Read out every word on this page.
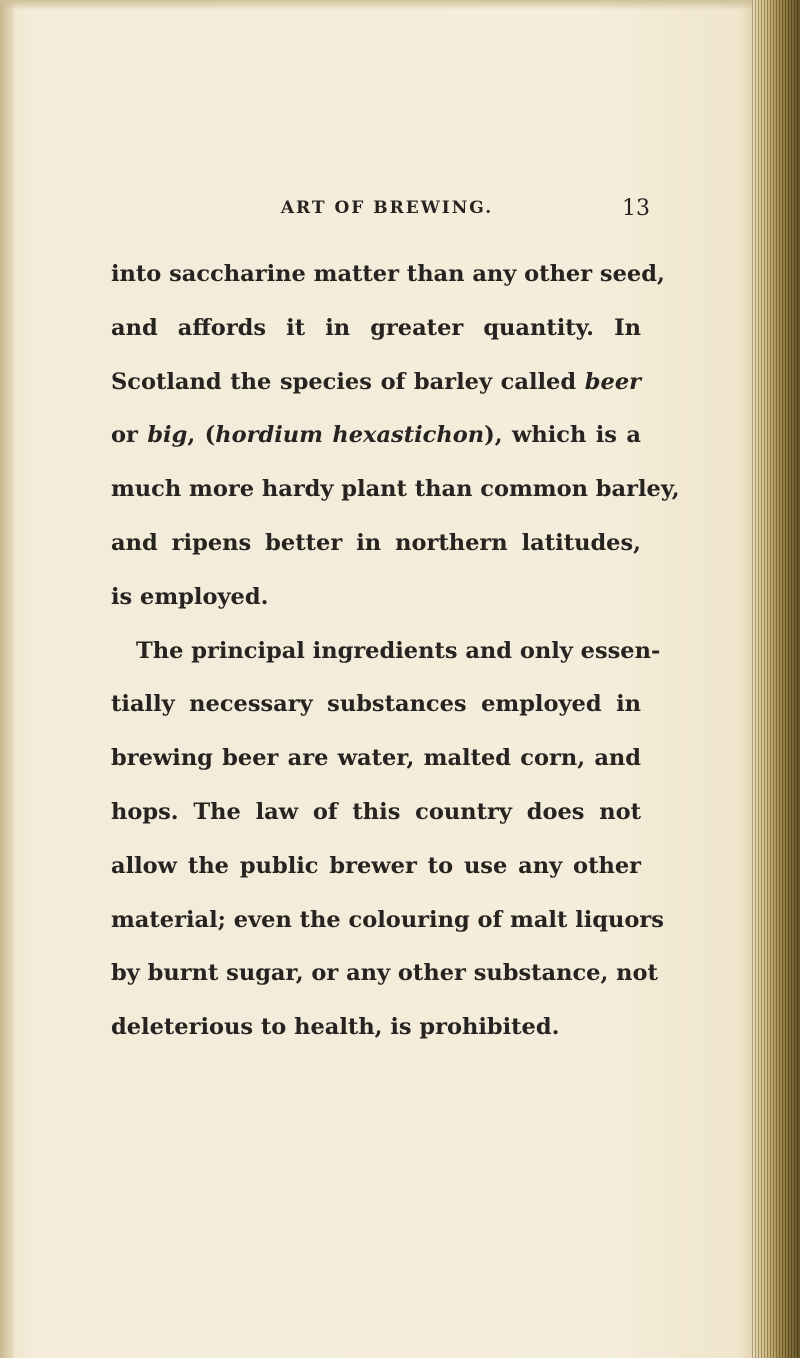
ART OF BREWING.	13
into saccharine matter than any other seed,
and affords it in greater quantity. In
Scotland the species of barley called beer
or big, (hordium hexastichon), which is a
much more hardy plant than common barley,
and ripens better in northern latitudes,
is employed.
The principal ingredients and only essen-
tially necessary substances employed in
brewing beer are water, malted corn, and
hops. The law of this country does not
allow the public brewer to use any other
material; even the colouring of malt liquors
by burnt sugar, or any other substance, not
deleterious to health, is prohibited.
